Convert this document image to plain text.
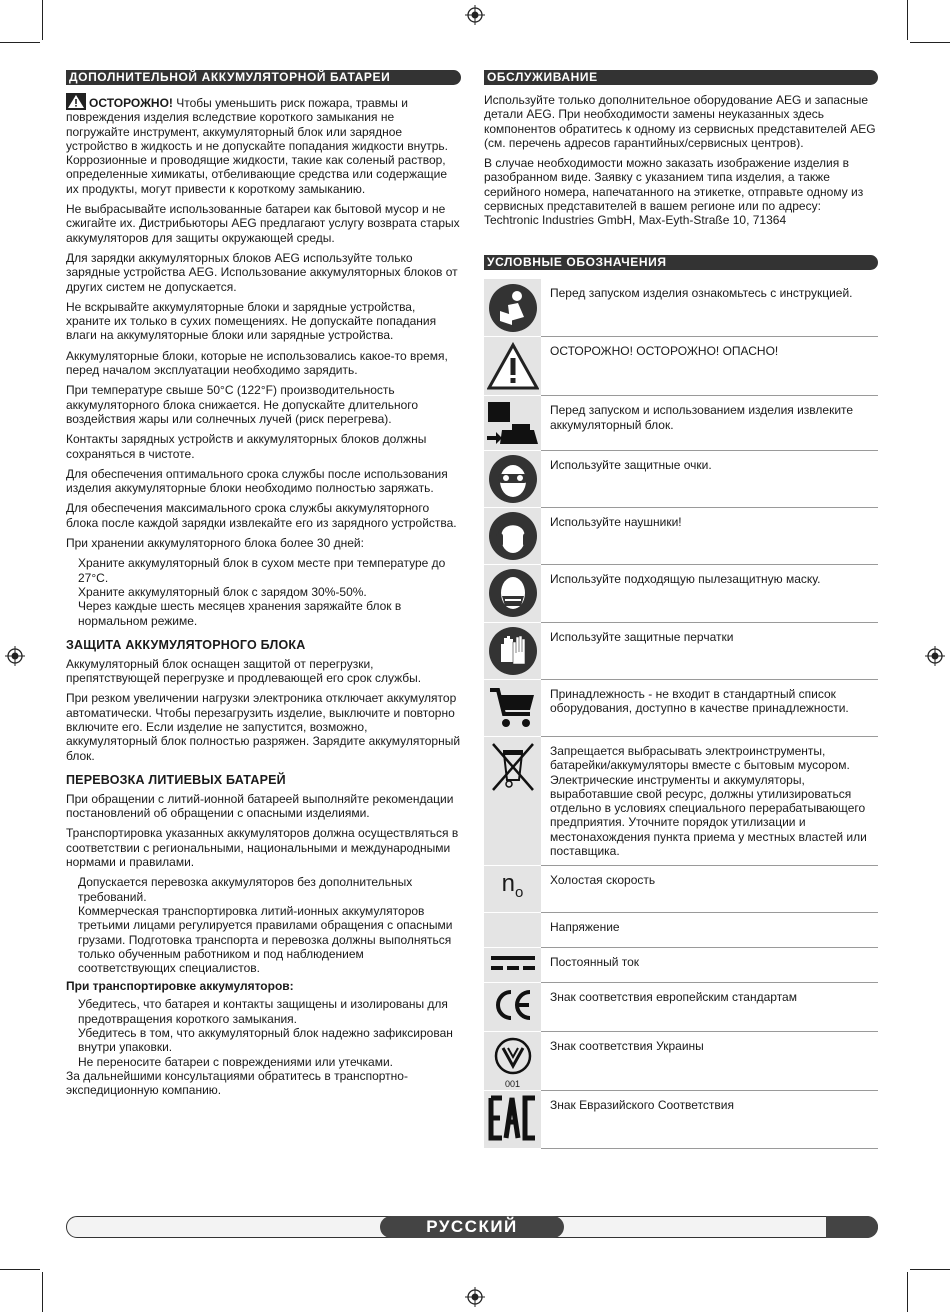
ДОПОЛНИТЕЛЬНОЙ АККУМУЛЯТОРНОЙ БАТАРЕИ

ОСТОРОЖНО! Чтобы уменьшить риск пожара, травмы и повреждения изделия вследствие короткого замыкания не погружайте инструмент, аккумуляторный блок или зарядное устройство в жидкость и не допускайте попадания жидкости внутрь. Коррозионные и проводящие жидкости, такие как соленый раствор, определенные химикаты, отбеливающие средства или содержащие их продукты, могут привести к короткому замыканию.

Не выбрасывайте использованные батареи как бытовой мусор и не сжигайте их. Дистрибьюторы AEG предлагают услугу возврата старых аккумуляторов для защиты окружающей среды.

Для зарядки аккумуляторных блоков AEG используйте только зарядные устройства AEG. Использование аккумуляторных блоков от других систем не допускается.

Не вскрывайте аккумуляторные блоки и зарядные устройства, храните их только в сухих помещениях. Не допускайте попадания влаги на аккумуляторные блоки или зарядные устройства.

Аккумуляторные блоки, которые не использовались какое-то время, перед началом эксплуатации необходимо зарядить.

При температуре свыше 50°C (122°F) производительность аккумуляторного блока снижается. Не допускайте длительного воздействия жары или солнечных лучей (риск перегрева).

Контакты зарядных устройств и аккумуляторных блоков должны сохраняться в чистоте.

Для обеспечения оптимального срока службы после использования изделия аккумуляторные блоки необходимо полностью заряжать.

Для обеспечения максимального срока службы аккумуляторного блока после каждой зарядки извлекайте его из зарядного устройства.

При хранении аккумуляторного блока более 30 дней:

Храните аккумуляторный блок в сухом месте при температуре до 27°C.

Храните аккумуляторный блок с зарядом 30%-50%.

Через каждые шесть месяцев хранения заряжайте блок в нормальном режиме.

ЗАЩИТА АККУМУЛЯТОРНОГО БЛОКА

Аккумуляторный блок оснащен защитой от перегрузки, препятствующей перегрузке и продлевающей его срок службы.

При резком увеличении нагрузки электроника отключает аккумулятор автоматически. Чтобы перезагрузить изделие, выключите и повторно включите его. Если изделие не запустится, возможно, аккумуляторный блок полностью разряжен. Зарядите аккумуляторный блок.

ПЕРЕВОЗКА ЛИТИЕВЫХ БАТАРЕЙ

При обращении с литий-ионной батареей выполняйте рекомендации постановлений об обращении с опасными изделиями.

Транспортировка указанных аккумуляторов должна осуществляться в соответствии с региональными, национальными и международными нормами и правилами.

Допускается перевозка аккумуляторов без дополнительных требований.

Коммерческая транспортировка литий-ионных аккумуляторов третьими лицами регулируется правилами обращения с опасными грузами. Подготовка транспорта и перевозка должны выполняться только обученным работником и под наблюдением соответствующих специалистов.

При транспортировке аккумуляторов:

Убедитесь, что батарея и контакты защищены и изолированы для предотвращения короткого замыкания.

Убедитесь в том, что аккумуляторный блок надежно зафиксирован внутри упаковки.

Не переносите батареи с повреждениями или утечками.

За дальнейшими консультациями обратитесь в транспортно-экспедиционную компанию.

ОБСЛУЖИВАНИЕ

Используйте только дополнительное оборудование AEG и запасные детали AEG. При необходимости замены неуказанных здесь компонентов обратитесь к одному из сервисных представителей AEG (см. перечень адресов гарантийных/сервисных центров).

В случае необходимости можно заказать изображение изделия в разобранном виде. Заявку с указанием типа изделия, а также серийного номера, напечатанного на этикетке, отправьте одному из сервисных представителей в вашем регионе или по адресу: Techtronic Industries GmbH, Max-Eyth-Straße 10, 71364

УСЛОВНЫЕ ОБОЗНАЧЕНИЯ
	Перед запуском изделия ознакомьтесь с инструкцией.
	ОСТОРОЖНО! ОСТОРОЖНО! ОПАСНО!
	Перед запуском и использованием изделия извлеките аккумуляторный блок.
	Используйте защитные очки.
	Используйте наушники!
	Используйте подходящую пылезащитную маску.
	Используйте защитные перчатки
	Принадлежность - не входит в стандартный список оборудования, доступно в качестве принадлежности.
	Запрещается выбрасывать электроинструменты, батарейки/аккумуляторы вместе с бытовым мусором. Электрические инструменты и аккумуляторы, выработавшие свой ресурс, должны утилизироваться отдельно в условиях специального перерабатывающего предприятия. Уточните порядок утилизации и местонахождения пункта приема у местных властей или поставщика.
$n_o$	Холостая скорость
	Напряжение
	Постоянный ток
	Знак соответствия европейским стандартам

001	Знак соответствия Украины
	Знак Евразийского Соответствия
РУССКИЙ
